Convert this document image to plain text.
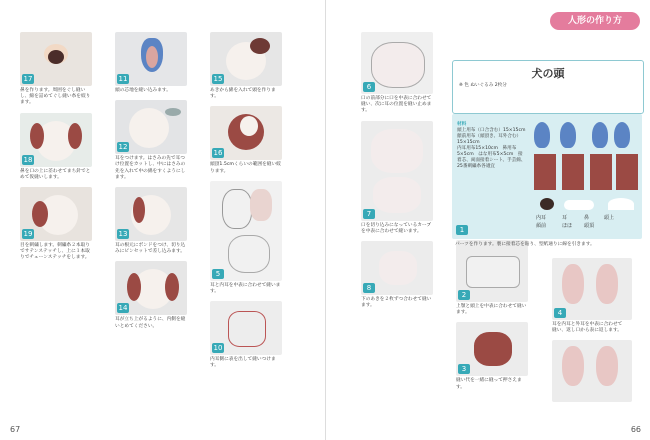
17
鼻を作ります。周囲をぐし縫いし、綿を詰めてぐし縫い糸を絞ります。
18
鼻を口の上に差わせてまち針でとめて仮縫いします。
19
目を刺繍します。刺繍糸２本取りでサテンステッチし、上に１本取りでチェーンステッチをします。
11
頭の芯地を縫い込みます。
12
耳をつけます。はさみの先で耳つけ位置をカットし、中にはさみの先を入れて中の綿をすくようにします。
13
耳の根元にボンドをつけ、切り込みにピンセットで差し込みます。
14
耳が立ち上がるように、内側を縫いとめてください。
15
あきから綿を入れて頭を作ります。
16
頭頂1.5cmくらいの範囲を縫い絞ります。
5
耳と内耳を中表に合わせて縫います。
10
内耳側に表を出して縫いつけます。
67
6
口の前部分に口を中表に合わせて縫い、次に耳の位置を縫い止めます。
7
口を切り込みになっているカーブを中表に合わせて縫います。
8
下のあきを２枚ずつ合わせて縫います。
2
上顎と頭上を中表に合わせて縫います。
3
縫い代を一緒に縫って押さえます。
4
耳を内耳と外耳を中表に合わせて縫い、返し口から表に返します。
66
人形の作り方
犬の頭
※ 色 ぬいぐるみ 2枚分
材料
頭上用布（口合含む）15×15cm　顔前用布（頭頂き、耳外合む）15×15cm
内耳用布15×10cm　鼻用布5×5cm　はな用布5×5cm　接着芯、両面接着シート、手芸綿、25番刺繍糸各適宜
内耳	耳	鼻	頭上
顔前	ほほ 頭頂
1
パーツを作ります。裏に接着芯を貼り、型紙通りに線を引きます。
